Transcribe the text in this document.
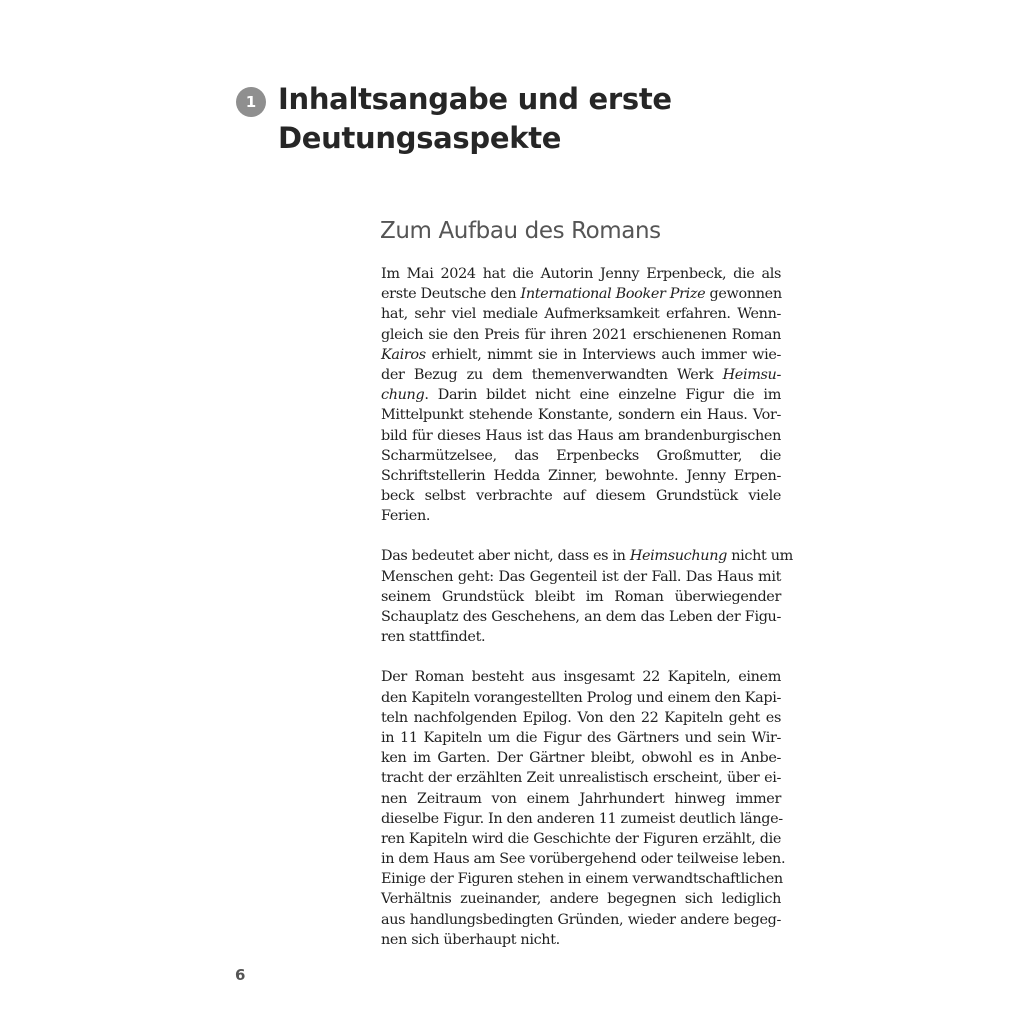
1 Inhaltsangabe und erste
Deutungsaspekte
Zum Aufbau des Romans

Im Mai 2024 hat die Autorin Jenny Erpenbeck, die als
erste Deutsche den International Booker Prize gewonnen
hat, sehr viel mediale Aufmerksamkeit erfahren. Wenn-
gleich sie den Preis für ihren 2021 erschienenen Roman
Kairos erhielt, nimmt sie in Interviews auch immer wie-
der Bezug zu dem themenverwandten Werk Heimsu-
chung. Darin bildet nicht eine einzelne Figur die im
Mittelpunkt stehende Konstante, sondern ein Haus. Vor-
bild für dieses Haus ist das Haus am brandenburgischen
Scharmützelsee, das Erpenbecks Großmutter, die
Schriftstellerin Hedda Zinner, bewohnte. Jenny Erpen-
beck selbst verbrachte auf diesem Grundstück viele
Ferien.

Das bedeutet aber nicht, dass es in Heimsuchung nicht um
Menschen geht: Das Gegenteil ist der Fall. Das Haus mit
seinem Grundstück bleibt im Roman überwiegender
Schauplatz des Geschehens, an dem das Leben der Figu-
ren stattfindet.

Der Roman besteht aus insgesamt 22 Kapiteln, einem
den Kapiteln vorangestellten Prolog und einem den Kapi-
teln nachfolgenden Epilog. Von den 22 Kapiteln geht es
in 11 Kapiteln um die Figur des Gärtners und sein Wir-
ken im Garten. Der Gärtner bleibt, obwohl es in Anbe-
tracht der erzählten Zeit unrealistisch erscheint, über ei-
nen Zeitraum von einem Jahrhundert hinweg immer
dieselbe Figur. In den anderen 11 zumeist deutlich länge-
ren Kapiteln wird die Geschichte der Figuren erzählt, die
in dem Haus am See vorübergehend oder teilweise leben.
Einige der Figuren stehen in einem verwandtschaftlichen
Verhältnis zueinander, andere begegnen sich lediglich
aus handlungsbedingten Gründen, wieder andere begeg-
nen sich überhaupt nicht.

6
